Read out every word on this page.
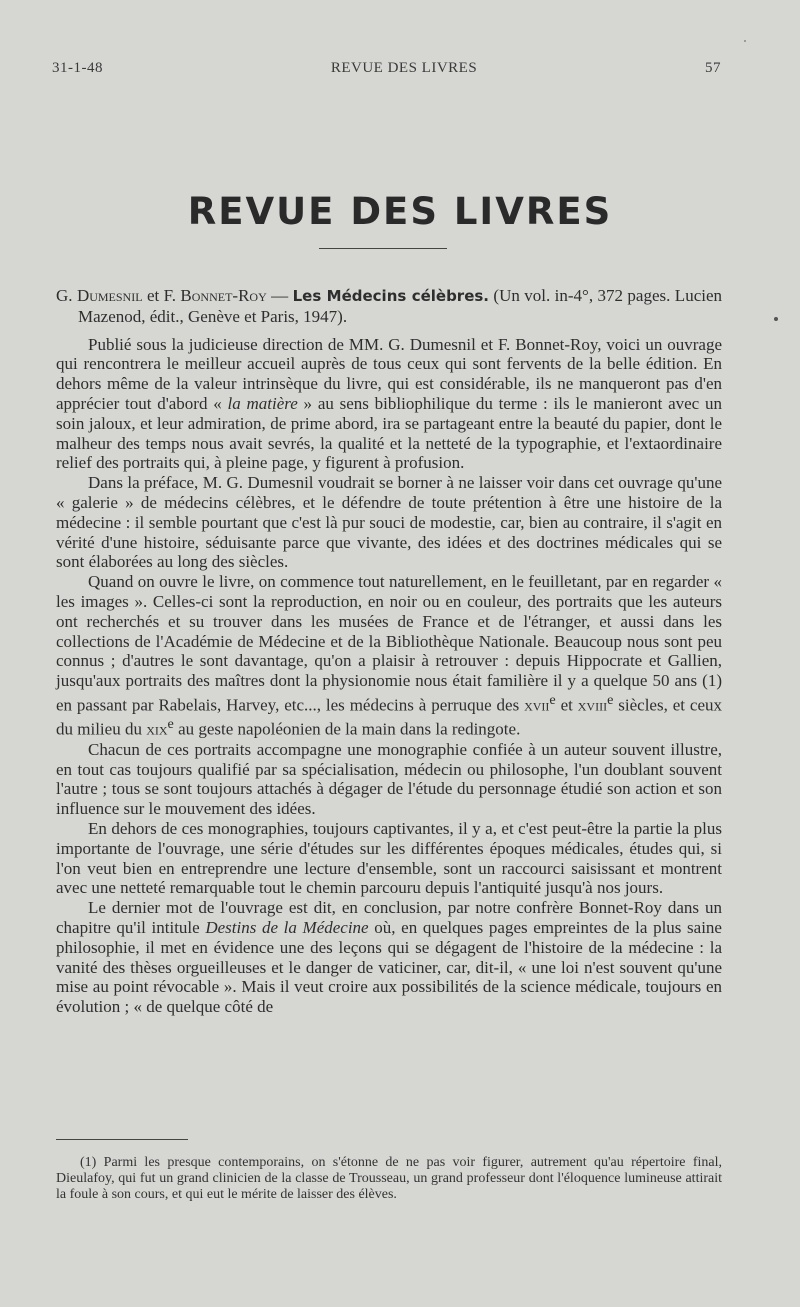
31-1-48	REVUE DES LIVRES	57
REVUE DES LIVRES

G. Dumesnil et F. Bonnet-Roy — Les Médecins célèbres. (Un vol. in-4°, 372 pages. Lucien Mazenod, édit., Genève et Paris, 1947).

Publié sous la judicieuse direction de MM. G. Dumesnil et F. Bonnet-Roy, voici un ouvrage qui rencontrera le meilleur accueil auprès de tous ceux qui sont fervents de la belle édition. En dehors même de la valeur intrinsèque du livre, qui est considérable, ils ne manqueront pas d'en apprécier tout d'abord « la matière » au sens bibliophilique du terme : ils le manieront avec un soin jaloux, et leur admiration, de prime abord, ira se partageant entre la beauté du papier, dont le malheur des temps nous avait sevrés, la qualité et la netteté de la typographie, et l'extaordinaire relief des portraits qui, à pleine page, y figurent à profusion.

Dans la préface, M. G. Dumesnil voudrait se borner à ne laisser voir dans cet ouvrage qu'une « galerie » de médecins célèbres, et le défendre de toute prétention à être une histoire de la médecine : il semble pourtant que c'est là pur souci de modestie, car, bien au contraire, il s'agit en vérité d'une histoire, séduisante parce que vivante, des idées et des doctrines médicales qui se sont élaborées au long des siècles.

Quand on ouvre le livre, on commence tout naturellement, en le feuilletant, par en regarder « les images ». Celles-ci sont la reproduction, en noir ou en couleur, des portraits que les auteurs ont recherchés et su trouver dans les musées de France et de l'étranger, et aussi dans les collections de l'Académie de Médecine et de la Bibliothèque Nationale. Beaucoup nous sont peu connus ; d'autres le sont davantage, qu'on a plaisir à retrouver : depuis Hippocrate et Gallien, jusqu'aux portraits des maîtres dont la physionomie nous était familière il y a quelque 50 ans (1) en passant par Rabelais, Harvey, etc..., les médecins à perruque des xvii$^e$ et xviii$^e$ siècles, et ceux du milieu du xix$^e$ au geste napoléonien de la main dans la redingote.

Chacun de ces portraits accompagne une monographie confiée à un auteur souvent illustre, en tout cas toujours qualifié par sa spécialisation, médecin ou philosophe, l'un doublant souvent l'autre ; tous se sont toujours attachés à dégager de l'étude du personnage étudié son action et son influence sur le mouvement des idées.

En dehors de ces monographies, toujours captivantes, il y a, et c'est peut-être la partie la plus importante de l'ouvrage, une série d'études sur les différentes époques médicales, études qui, si l'on veut bien en entreprendre une lecture d'ensemble, sont un raccourci saisissant et montrent avec une netteté remarquable tout le chemin parcouru depuis l'antiquité jusqu'à nos jours.

Le dernier mot de l'ouvrage est dit, en conclusion, par notre confrère Bonnet-Roy dans un chapitre qu'il intitule Destins de la Médecine où, en quelques pages empreintes de la plus saine philosophie, il met en évidence une des leçons qui se dégagent de l'histoire de la médecine : la vanité des thèses orgueilleuses et le danger de vaticiner, car, dit-il, « une loi n'est souvent qu'une mise au point révocable ». Mais il veut croire aux possibilités de la science médicale, toujours en évolution ; « de quelque côté de

(1) Parmi les presque contemporains, on s'étonne de ne pas voir figurer, autrement qu'au répertoire final, Dieulafoy, qui fut un grand clinicien de la classe de Trousseau, un grand professeur dont l'éloquence lumineuse attirait la foule à son cours, et qui eut le mérite de laisser des élèves.
